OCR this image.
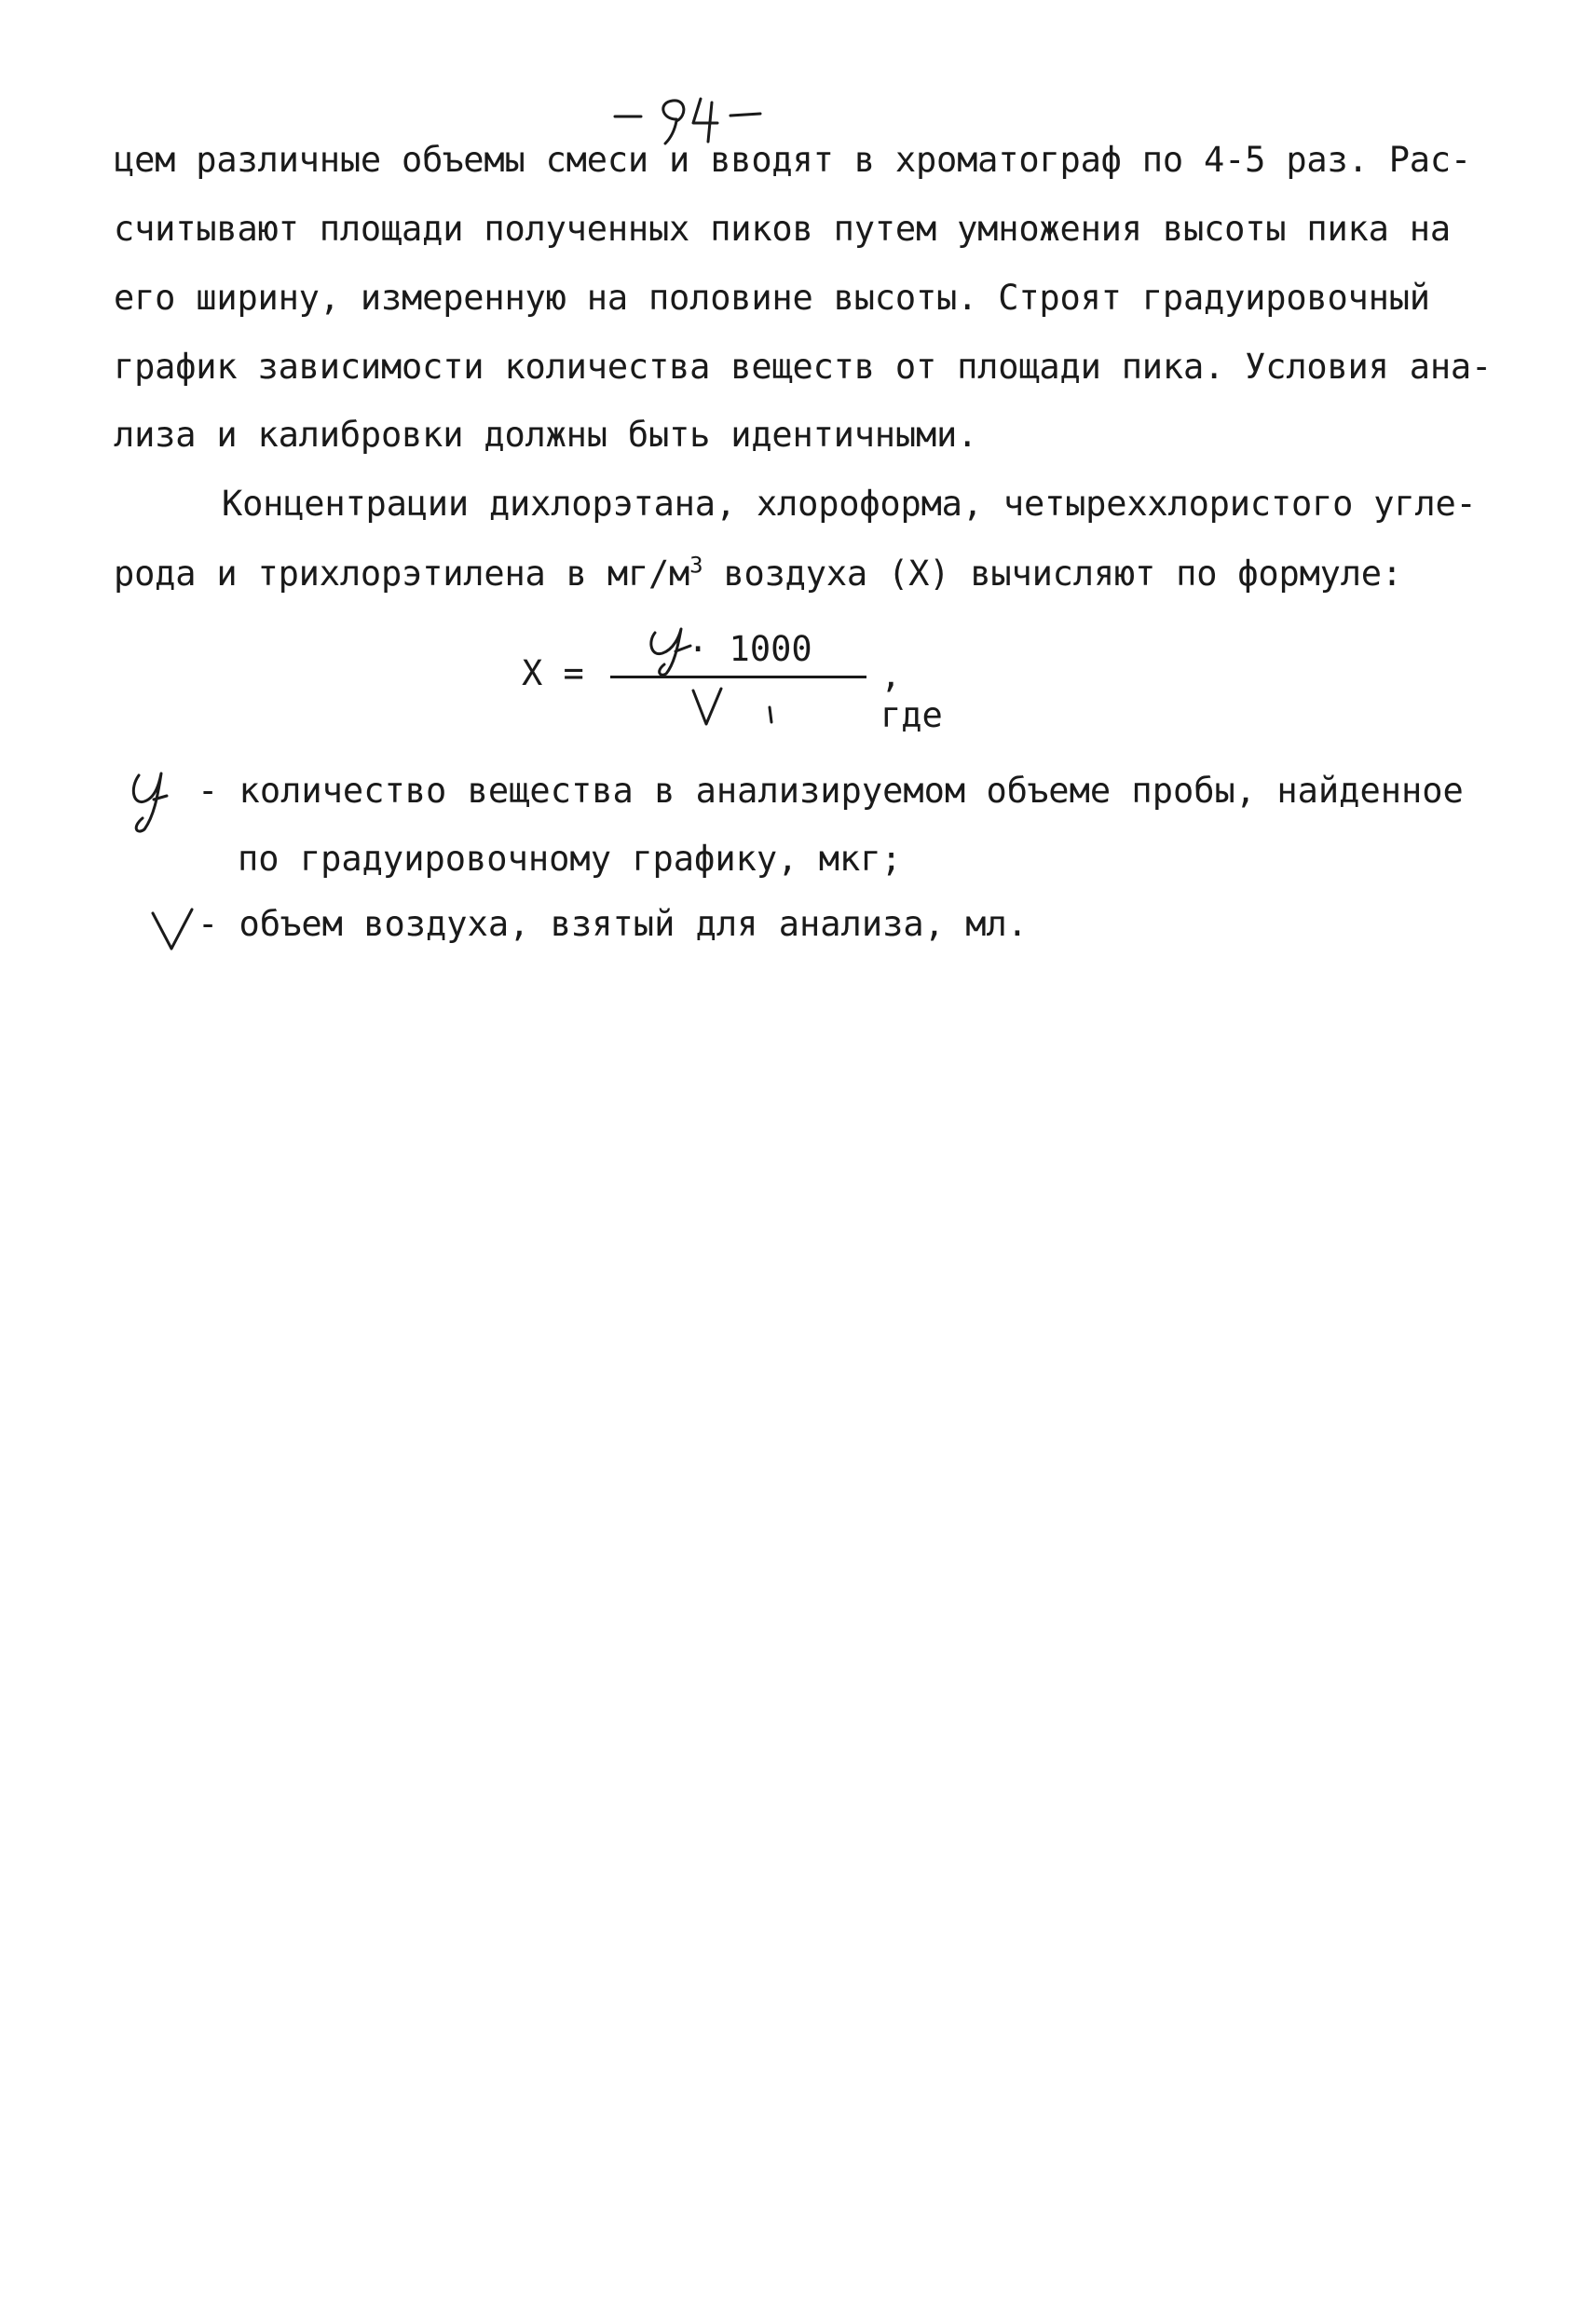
цем различные объемы смеси и вводят в хроматограф по 4-5 раз. Рас-
считывают площади полученных пиков путем умножения высоты пика на
его ширину, измеренную на половине высоты. Строят градуировочный
график зависимости количества веществ от площади пика. Условия ана-
лиза и калибровки должны быть идентичными.
Концентрации дихлорэтана, хлороформа, четыреххлористого угле-
рода и трихлорэтилена в $мг/м^3$ воздуха (X) вычисляют по формуле:
X =
· 1000
, где
- количество вещества в анализируемом объеме пробы, найденное
по градуировочному графику, мкг;
- объем воздуха, взятый для анализа, мл.
